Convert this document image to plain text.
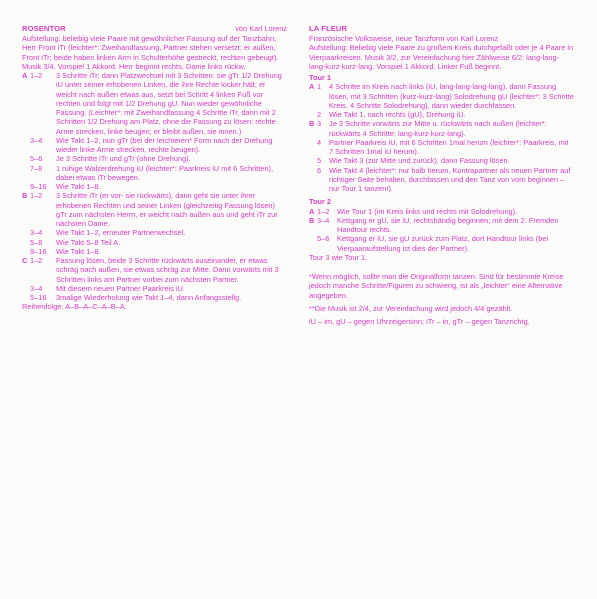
ROSENTOR	von Karl Lorenz

Aufstellung: beliebig viele Paare mit gewöhnlicher Fassung auf der Tanzbahn, Herr Front iTr (leichter*: Zweihandfassung, Partner stehen versetzt: er außen, Front iTr; beide haben linken Arm in Schulterhöhe gestreckt, rechten gebeugt). Musik 3/4. Vorspiel 1 Akkord. Herr beginnt rechts, Dame links rückw.

A 1–2	3 Schritte iTr; dann Platzwechsel mit 3 Schritten: sie gTr 1/2 Drehung iU unter seiner erhobenen Linken, die ihre Rechte locker hält; er weicht nach außen etwas aus, setzt bei Schritt 4 linken Fuß vor rechten und folgt mit 1/2 Drehung gU. Nun wieder gewöhnliche Fassung. (Leichter*: mit Zweihandfassung 4 Schritte iTr, dann mit 2 Schritten 1/2 Drehung am Platz, ohne die Fassung zu lösen: rechte Arme strecken, linke beugen; er bleibt außen, sie innen.)
3–4	Wie Takt 1–2, nun gTr (bei der leichteren* Form nach der Drehung wieder linke Arme strecken, rechte beugen).
5–6	Je 3 Schritte iTr und gTr (ohne Drehung).
7–8	1 ruhige Walzerdrehung iU (leichter*: Paarkreis iU mit 6 Schritten), dabei etwas iTr bewegen.
9–16	Wie Takt 1–8.
B 1–2	3 Schritte iTr (er vor- sie rückwärts), dann geht sie unter ihrer erhobenen Rechten und seiner Linken (gleichzeitig Fassung lösen) gTr zum nächsten Herrn, er weicht nach außen aus und geht iTr zur nächsten Dame.
3–4	Wie Takt 1–2, erneuter Partnerwechsel.
5–8	Wie Takt 5–8 Teil A.
9–16	Wie Takt 1–8.
C 1–2	Fassung lösen, beide 3 Schritte rückwärts auseinander, er etwas schräg nach außen, sie etwas schräg zur Mitte. Dann vorwärts mit 3 Schritten links am Partner vorbei zum nächsten Partner.
3–4	Mit diesem neuen Partner Paarkreis iU.
5–16	3malige Wiederholung wie Takt 1–4, dann Anfangsstellg.

Reihenfolge: A–B–A–C–A–B–A.

LA FLEUR

Französische Volksweise, neue Tanzform von Karl Lorenz

Aufstellung: Beliebig viele Paare zu großem Kreis durchgefaßt oder je 4 Paare in Vierpaarkreisen. Musik 3/2, zur Vereinfachung hier Zählweise 6/2: lang-lang-lang-kurz-kurz-lang. Vorspiel 1 Akkord. Linker Fuß beginnt.

Tour 1
A 1	4 Schritte im Kreis nach links (iU, lang-lang-lang-lang), dann Fassung lösen, mit 3 Schritten (kurz-kurz-lang) Solodrehung gU (leichter*: 3 Schritte Kreis, 4 Schritte Solodrehung), dann wieder durchfassen.
2	Wie Takt 1, nach rechts (gU), Drehung iU.
B 3	Je 3 Schritte vorwärts zur Mitte u. rückwärts nach außen (leichter*: rückwärts 4 Schritte: lang-kurz-kurz-lang).
4	Partner Paarkreis iU, mit 6 Schritten 1mal herum (leichter*: Paarkreis, mit 7 Schritten 1mal iU herum).
5	Wie Takt 3 (zur Mitte und zurück), dann Fassung lösen.
6	Wie Takt 4 (leichter*: nur halb herum, Kontrapartner als neuen Partner auf richtiger Seite behalten, durchfassen und den Tanz von vorn beginnen – nur Tour 1 tanzen!).
Tour 2
A 1–2	Wie Tour 1 (im Kreis links und rechts mit Solodrehung).
B 3–4	Kettgang er gU, sie iU, rechtshändig beginnen; mit dem 2. Fremden Handtour rechts.
5–6	Kettgang er iU, sie gU zurück zum Platz, dort Handtour links (bei Vierpaaraufstellung ist dies der Partner).

Tour 3 wie Tour 1.

*Wenn möglich, sollte man die Originalform tanzen. Sind für bestimmte Kreise jedoch manche Schritte/Figuren zu schwierig, ist als „leichter“ eine Alternative angegeben.

**Die Musik ist 2/4, zur Vereinfachung wird jedoch 4/4 gezählt.

iU – im, gU – gegen Uhrzeigersinn; iTr – in, gTr – gegen Tanzrichtg.
